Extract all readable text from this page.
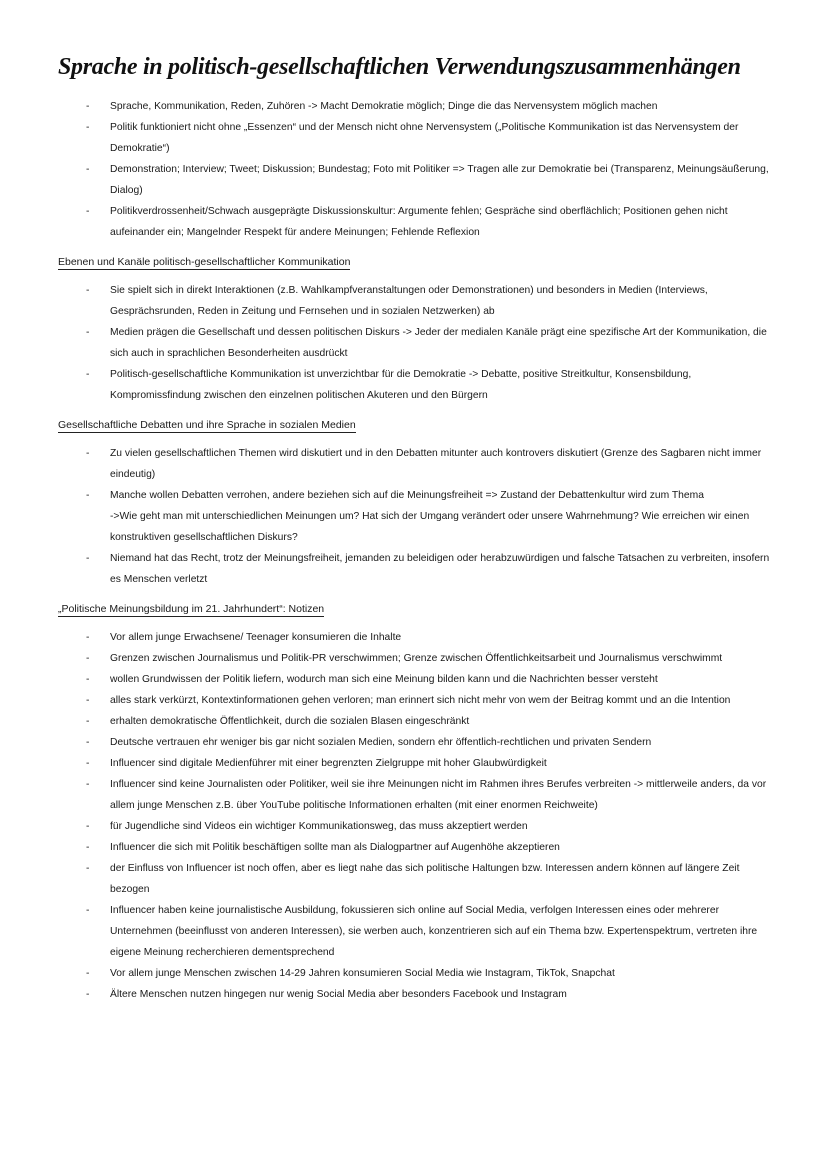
Sprache in politisch-gesellschaftlichen Verwendungszusammenhängen
- Sprache, Kommunikation, Reden, Zuhören -> Macht Demokratie möglich; Dinge die das Nervensystem möglich machen
- Politik funktioniert nicht ohne „Essenzen“ und der Mensch nicht ohne Nervensystem („Politische Kommunikation ist das Nervensystem der Demokratie“)
- Demonstration; Interview; Tweet; Diskussion; Bundestag; Foto mit Politiker => Tragen alle zur Demokratie bei (Transparenz, Meinungsäußerung, Dialog)
- Politikverdrossenheit/Schwach ausgeprägte Diskussionskultur: Argumente fehlen; Gespräche sind oberflächlich; Positionen gehen nicht aufeinander ein; Mangelnder Respekt für andere Meinungen; Fehlende Reflexion
Ebenen und Kanäle politisch-gesellschaftlicher Kommunikation
- Sie spielt sich in direkt Interaktionen (z.B. Wahlkampfveranstaltungen oder Demonstrationen) und besonders in Medien (Interviews, Gesprächsrunden, Reden in Zeitung und Fernsehen und in sozialen Netzwerken) ab
- Medien prägen die Gesellschaft und dessen politischen Diskurs -> Jeder der medialen Kanäle prägt eine spezifische Art der Kommunikation, die sich auch in sprachlichen Besonderheiten ausdrückt
- Politisch-gesellschaftliche Kommunikation ist unverzichtbar für die Demokratie -> Debatte, positive Streitkultur, Konsensbildung, Kompromissfindung zwischen den einzelnen politischen Akuteren und den Bürgern
Gesellschaftliche Debatten und ihre Sprache in sozialen Medien
- Zu vielen gesellschaftlichen Themen wird diskutiert und in den Debatten mitunter auch kontrovers diskutiert (Grenze des Sagbaren nicht immer eindeutig)
- Manche wollen Debatten verrohen, andere beziehen sich auf die Meinungsfreiheit => Zustand der Debattenkultur wird zum Thema
->Wie geht man mit unterschiedlichen Meinungen um? Hat sich der Umgang verändert oder unsere Wahrnehmung? Wie erreichen wir einen konstruktiven gesellschaftlichen Diskurs?
- Niemand hat das Recht, trotz der Meinungsfreiheit, jemanden zu beleidigen oder herabzuwürdigen und falsche Tatsachen zu verbreiten, insofern es Menschen verletzt
„Politische Meinungsbildung im 21. Jahrhundert“: Notizen
- Vor allem junge Erwachsene/ Teenager konsumieren die Inhalte
- Grenzen zwischen Journalismus und Politik-PR verschwimmen; Grenze zwischen Öffentlichkeitsarbeit und Journalismus verschwimmt
- wollen Grundwissen der Politik liefern, wodurch man sich eine Meinung bilden kann und die Nachrichten besser versteht
- alles stark verkürzt, Kontextinformationen gehen verloren; man erinnert sich nicht mehr von wem der Beitrag kommt und an die Intention
- erhalten demokratische Öffentlichkeit, durch die sozialen Blasen eingeschränkt
- Deutsche vertrauen ehr weniger bis gar nicht sozialen Medien, sondern ehr öffentlich-rechtlichen und privaten Sendern
- Influencer sind digitale Medienführer mit einer begrenzten Zielgruppe mit hoher Glaubwürdigkeit
- Influencer sind keine Journalisten oder Politiker, weil sie ihre Meinungen nicht im Rahmen ihres Berufes verbreiten -> mittlerweile anders, da vor allem junge Menschen z.B. über YouTube politische Informationen erhalten (mit einer enormen Reichweite)
- für Jugendliche sind Videos ein wichtiger Kommunikationsweg, das muss akzeptiert werden
- Influencer die sich mit Politik beschäftigen sollte man als Dialogpartner auf Augenhöhe akzeptieren
- der Einfluss von Influencer ist noch offen, aber es liegt nahe das sich politische Haltungen bzw. Interessen andern können auf längere Zeit bezogen
- Influencer haben keine journalistische Ausbildung, fokussieren sich online auf Social Media, verfolgen Interessen eines oder mehrerer Unternehmen (beeinflusst von anderen Interessen), sie werben auch, konzentrieren sich auf ein Thema bzw. Expertenspektrum, vertreten ihre eigene Meinung recherchieren dementsprechend
- Vor allem junge Menschen zwischen 14-29 Jahren konsumieren Social Media wie Instagram, TikTok, Snapchat
- Ältere Menschen nutzen hingegen nur wenig Social Media aber besonders Facebook und Instagram
